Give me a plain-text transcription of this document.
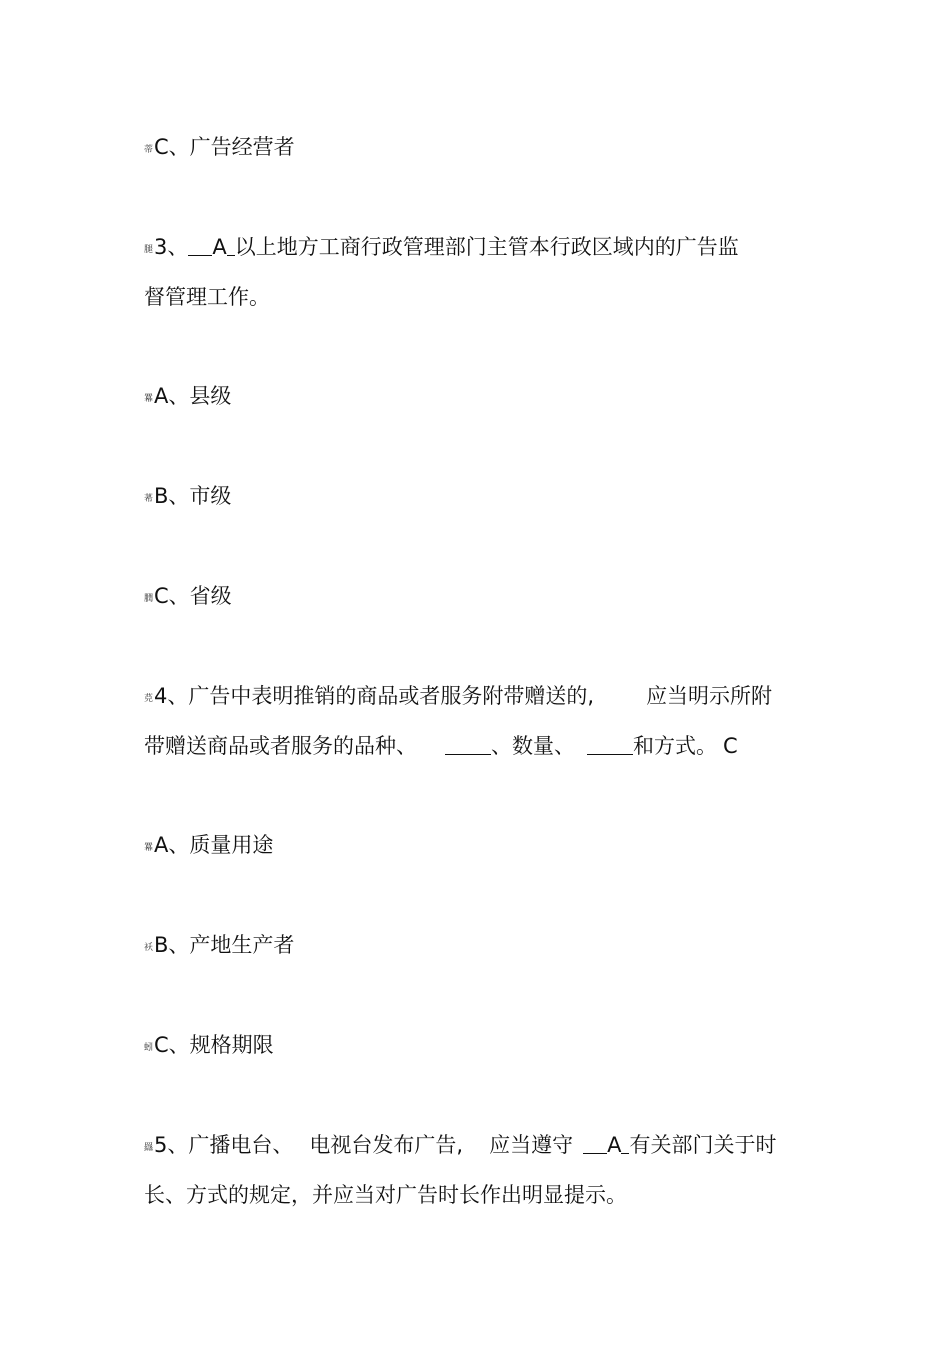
蒂C、广告经营者
腿3、 A 以上地方工商行政管理部门主管本行政区域内的广告监
督管理工作。
羃A、县级
莃B、市级
膶C、省级
莌4、广告中表明推销的商品或者服务附带赠送的, 应当明示所附
带赠送商品或者服务的品种、	、数量、	和方式。 C
羃A、质量用途
袄B、产地生产者
蚓C、规格期限
羉5、广播电台、 电视台发布广告, 应当遵守 A 有关部门关于时
长、方式的规定，并应当对广告时长作出明显提示。
